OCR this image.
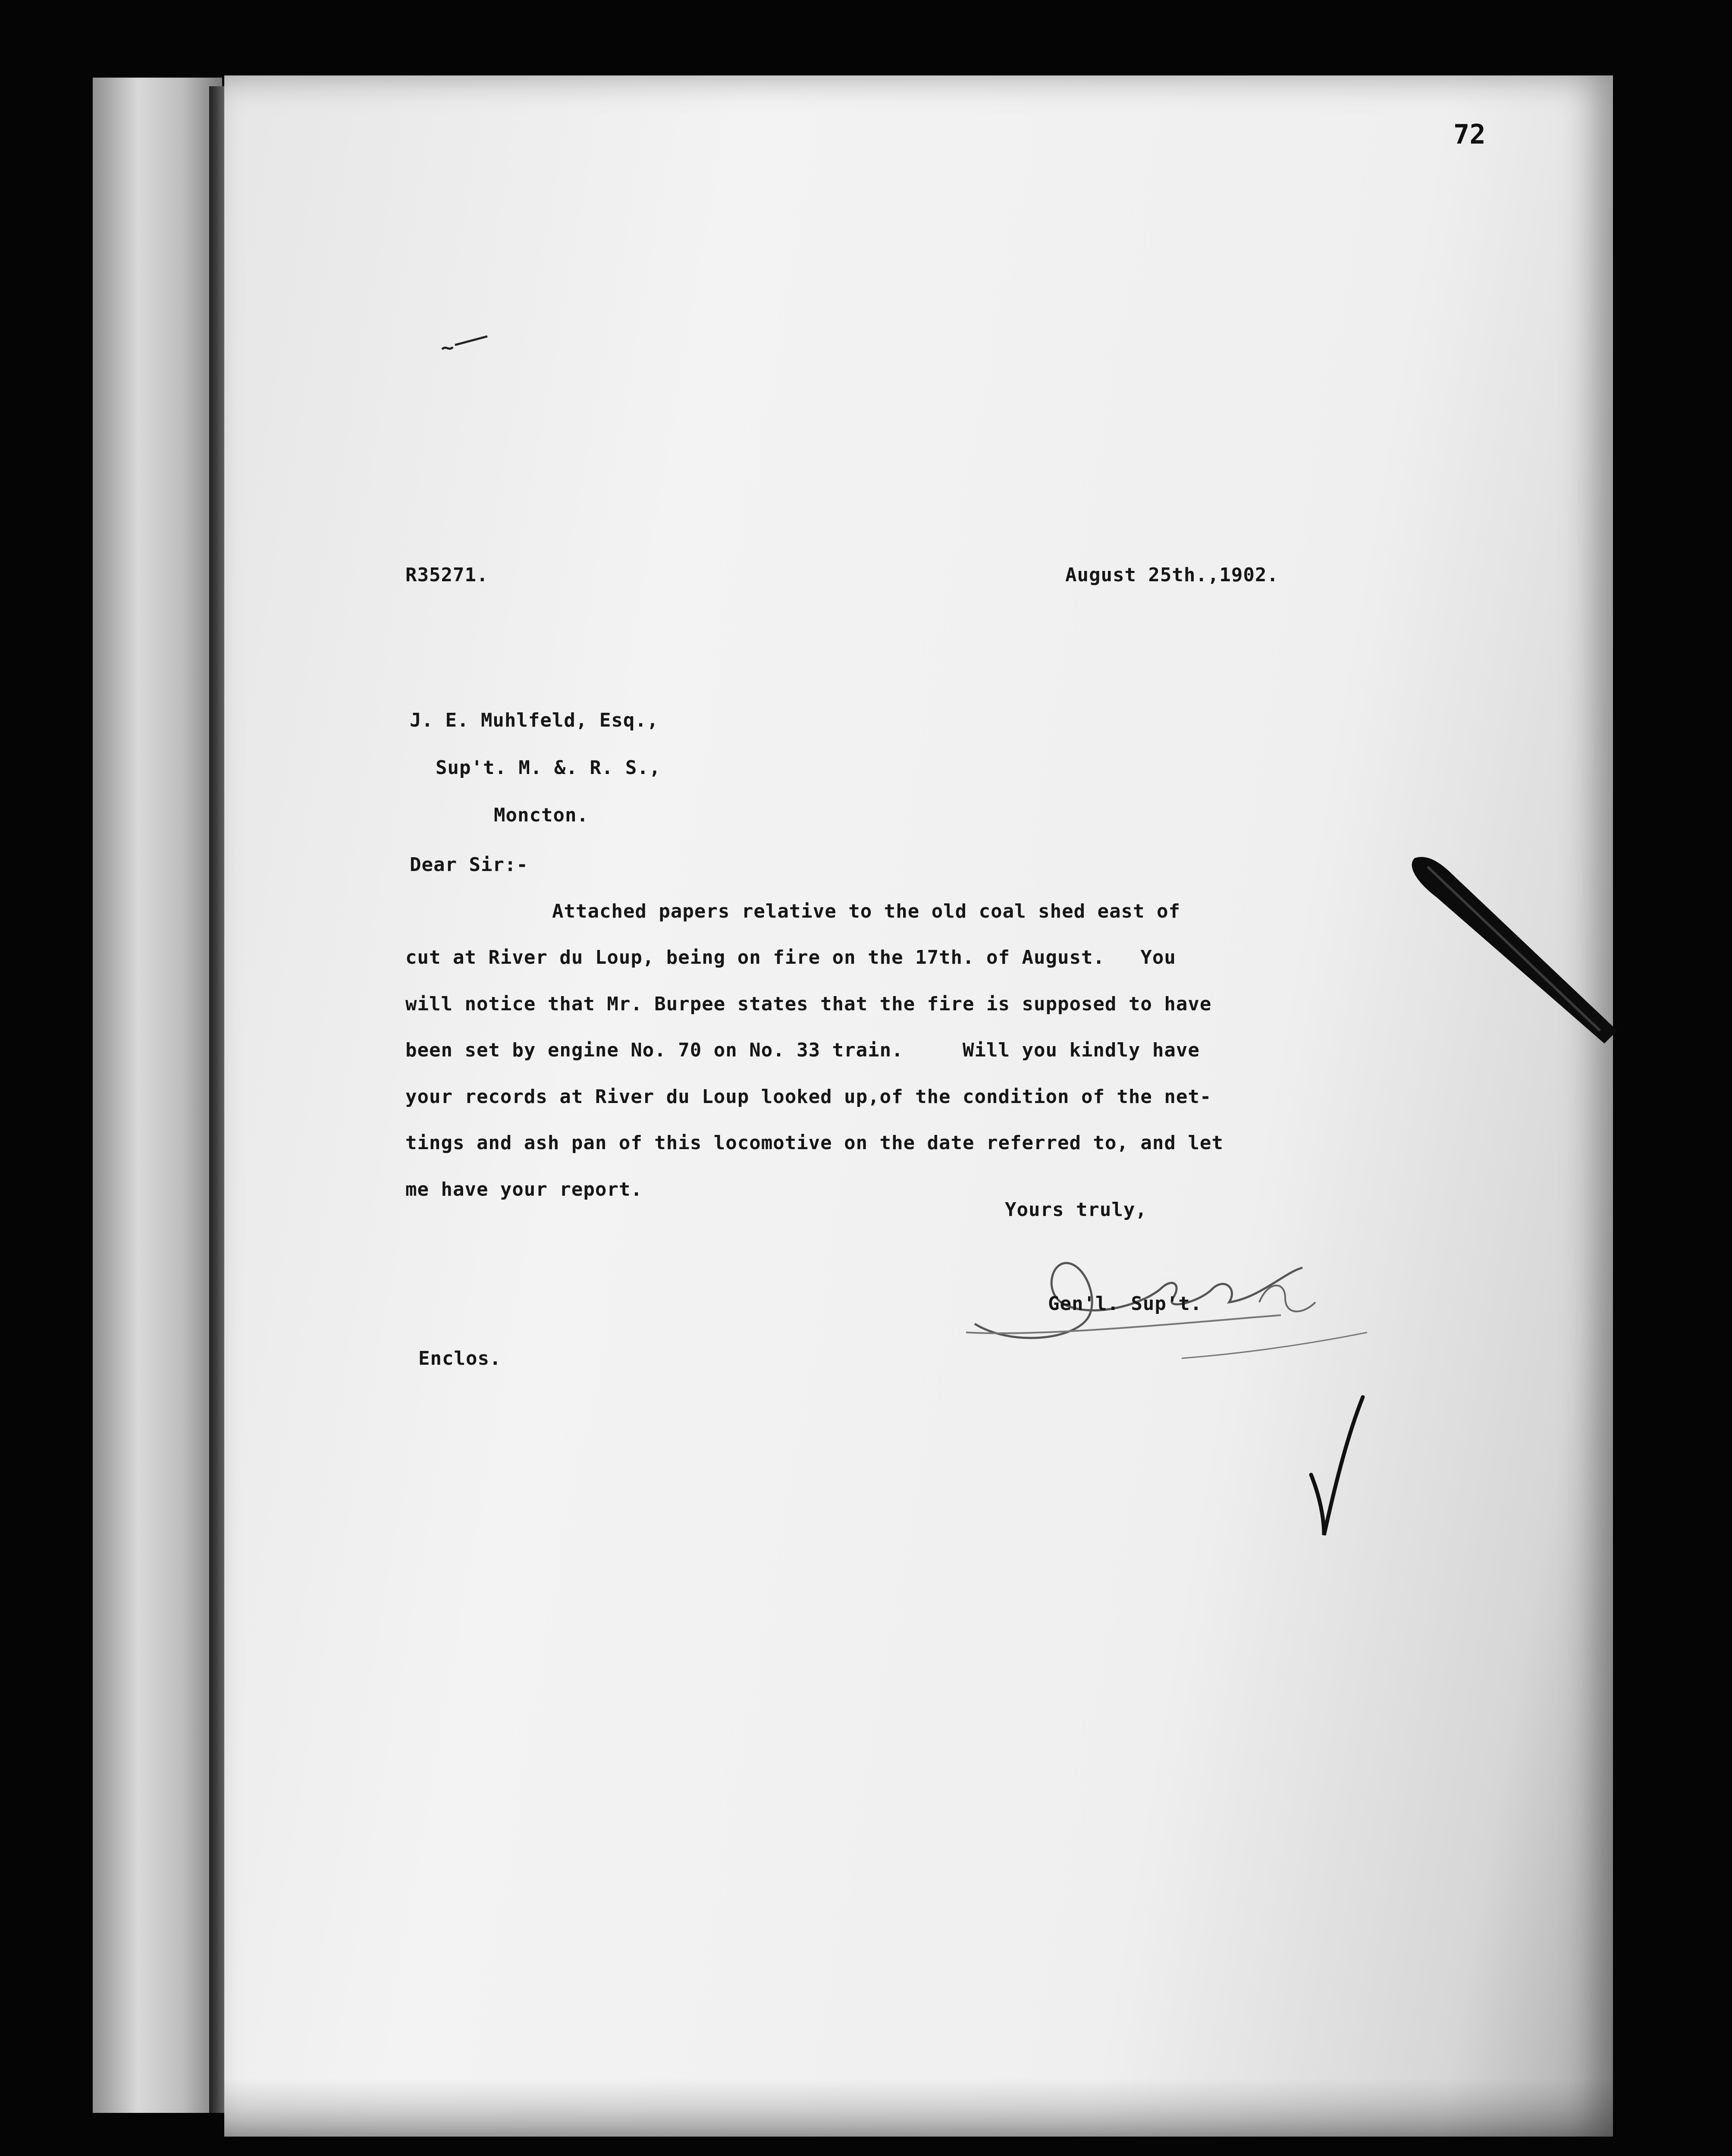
72
R35271.	August 25th.,1902.
J. E. Muhlfeld, Esq.,
Sup't. M. &. R. S.,
Moncton.
Dear Sir:-
Attached papers relative to the old coal shed east of
cut at River du Loup, being on fire on the 17th. of August.   You
will notice that Mr. Burpee states that the fire is supposed to have
been set by engine No. 70 on No. 33 train.     Will you kindly have
your records at River du Loup looked up,of the condition of the net-
tings and ash pan of this locomotive on the date referred to, and let
me have your report.
Yours truly,
Gen'l. Sup't.
Enclos.
